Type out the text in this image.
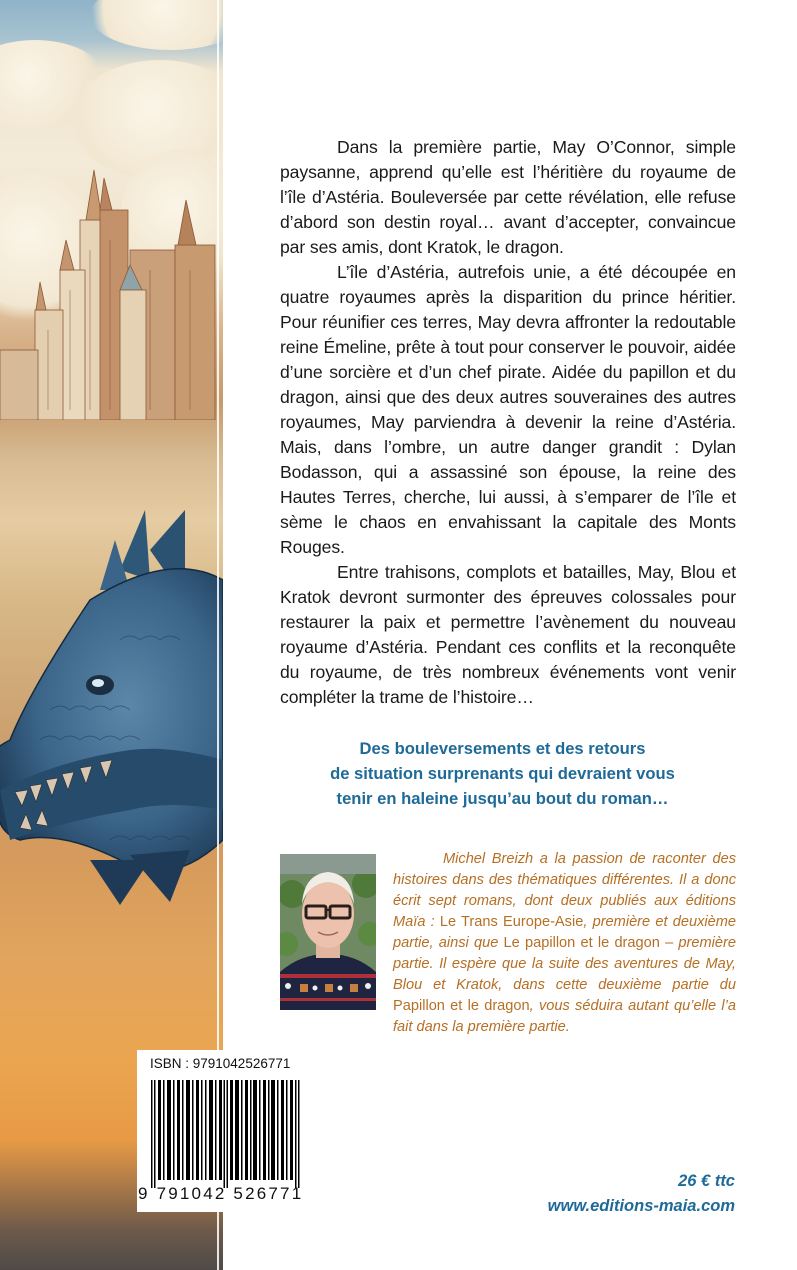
Dans la première partie, May O’Connor, simple paysanne, apprend qu’elle est l’héritière du royaume de l’île d’Astéria. Bouleversée par cette révélation, elle refuse d’abord son destin royal… avant d’accepter, convaincue par ses amis, dont Kratok, le dragon.

L’île d’Astéria, autrefois unie, a été découpée en quatre royaumes après la disparition du prince héritier. Pour réunifier ces terres, May devra affronter la redoutable reine Émeline, prête à tout pour conserver le pouvoir, aidée d’une sorcière et d’un chef pirate. Aidée du papillon et du dragon, ainsi que des deux autres souveraines des autres royaumes, May parviendra à devenir la reine d’Astéria. Mais, dans l’ombre, un autre danger grandit : Dylan Bodasson, qui a assassiné son épouse, la reine des Hautes Terres, cherche, lui aussi, à s’emparer de l’île et sème le chaos en envahissant la capitale des Monts Rouges.

Entre trahisons, complots et batailles, May, Blou et Kratok devront surmonter des épreuves colossales pour restaurer la paix et permettre l’avènement du nouveau royaume d’Astéria. Pendant ces conflits et la reconquête du royaume, de très nombreux événements vont venir compléter la trame de l’histoire…

Des bouleversements et des retours
de situation surprenants qui devraient vous
tenir en haleine jusqu’au bout du roman…
Michel Breizh a la passion de raconter des histoires dans des thématiques différentes. Il a donc écrit sept romans, dont deux publiés aux éditions Maïa : Le Trans Europe-Asie, première et deuxième partie, ainsi que Le papillon et le dragon – première partie. Il espère que la suite des aventures de May, Blou et Kratok, dans cette deuxième partie du Papillon et le dragon, vous séduira autant qu’elle l’a fait dans la première partie.
ISBN : 9791042526771
9 791042 526771
26 € ttc
www.editions-maia.com
